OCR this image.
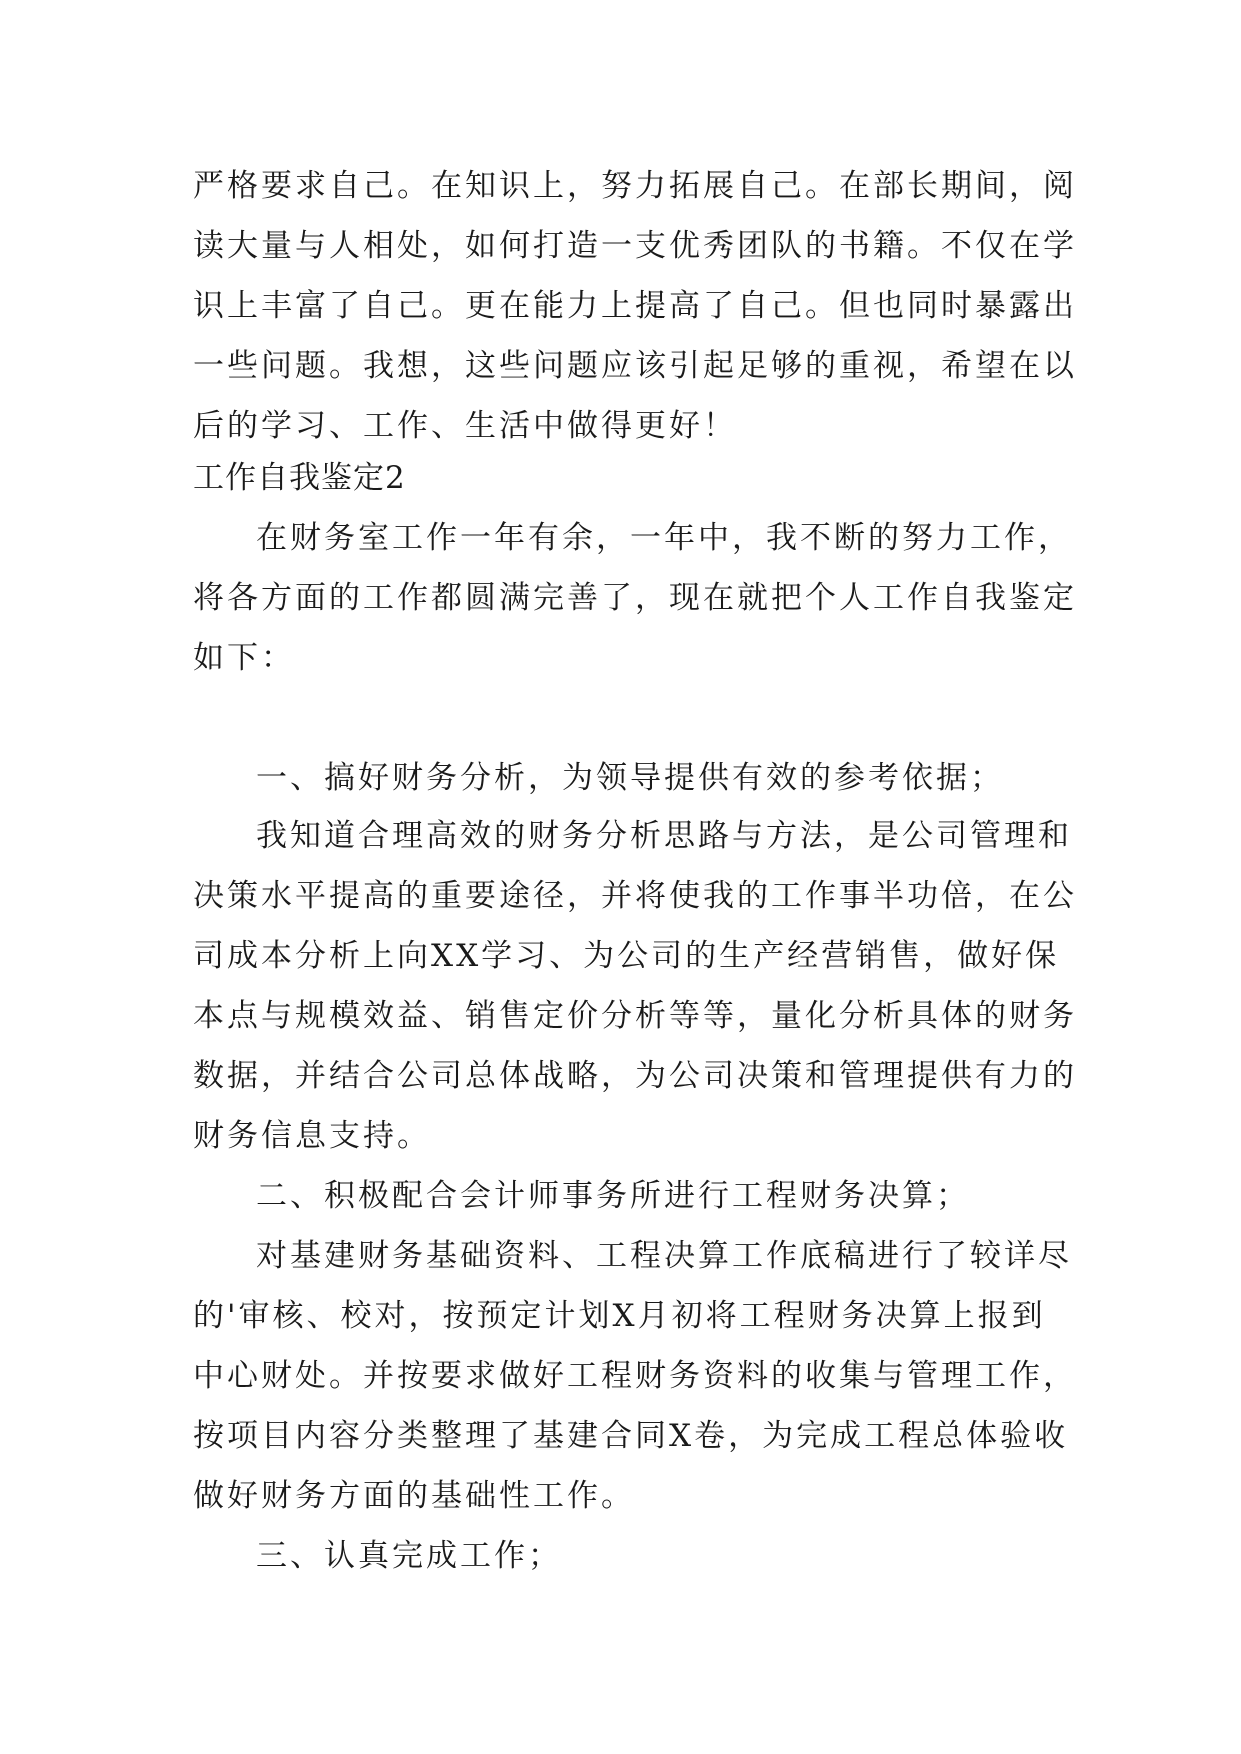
严格要求自己。在知识上，努力拓展自己。在部长期间，阅
读大量与人相处，如何打造一支优秀团队的书籍。不仅在学
识上丰富了自己。更在能力上提高了自己。但也同时暴露出
一些问题。我想，这些问题应该引起足够的重视，希望在以
后的学习、工作、生活中做得更好！
工作自我鉴定2
在财务室工作一年有余，一年中，我不断的努力工作，
将各方面的工作都圆满完善了，现在就把个人工作自我鉴定
如下：
一、搞好财务分析，为领导提供有效的参考依据；
我知道合理高效的财务分析思路与方法，是公司管理和
决策水平提高的重要途径，并将使我的工作事半功倍，在公
司成本分析上向XX学习、为公司的生产经营销售，做好保
本点与规模效益、销售定价分析等等，量化分析具体的财务
数据，并结合公司总体战略，为公司决策和管理提供有力的
财务信息支持。
二、积极配合会计师事务所进行工程财务决算；
对基建财务基础资料、工程决算工作底稿进行了较详尽
的'审核、校对，按预定计划X月初将工程财务决算上报到
中心财处。并按要求做好工程财务资料的收集与管理工作，
按项目内容分类整理了基建合同X卷，为完成工程总体验收
做好财务方面的基础性工作。
三、认真完成工作；
